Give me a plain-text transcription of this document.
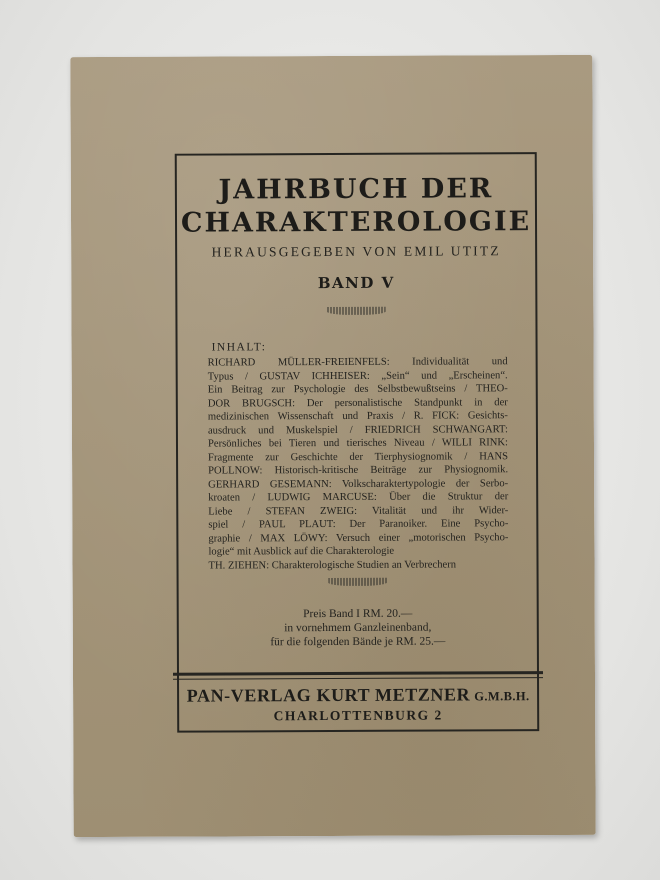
JAHRBUCH DER
CHARAKTEROLOGIE
HERAUSGEGEBEN VON EMIL UTITZ
BAND V
INHALT:
RICHARD MÜLLER-FREIENFELS: Individualität und
Typus / GUSTAV ICHHEISER: „Sein“ und „Erscheinen“.
Ein Beitrag zur Psychologie des Selbstbewußtseins / THEO-
DOR BRUGSCH: Der personalistische Standpunkt in der
medizinischen Wissenschaft und Praxis / R. FICK: Gesichts-
ausdruck und Muskelspiel / FRIEDRICH SCHWANGART:
Persönliches bei Tieren und tierisches Niveau / WILLI RINK:
Fragmente zur Geschichte der Tierphysiognomik / HANS
POLLNOW: Historisch-kritische Beiträge zur Physiognomik.
GERHARD GESEMANN: Volkscharaktertypologie der Serbo-
kroaten / LUDWIG MARCUSE: Über die Struktur der
Liebe / STEFAN ZWEIG: Vitalität und ihr Wider-
spiel / PAUL PLAUT: Der Paranoiker. Eine Psycho-
graphie / MAX LÖWY: Versuch einer „motorischen Psycho-
logie“ mit Ausblick auf die Charakterologie
TH. ZIEHEN: Charakterologische Studien an Verbrechern
Preis Band I RM. 20.—
in vornehmem Ganzleinenband,
für die folgenden Bände je RM. 25.—
PAN-VERLAG KURT METZNER G.M.B.H.
CHARLOTTENBURG 2
